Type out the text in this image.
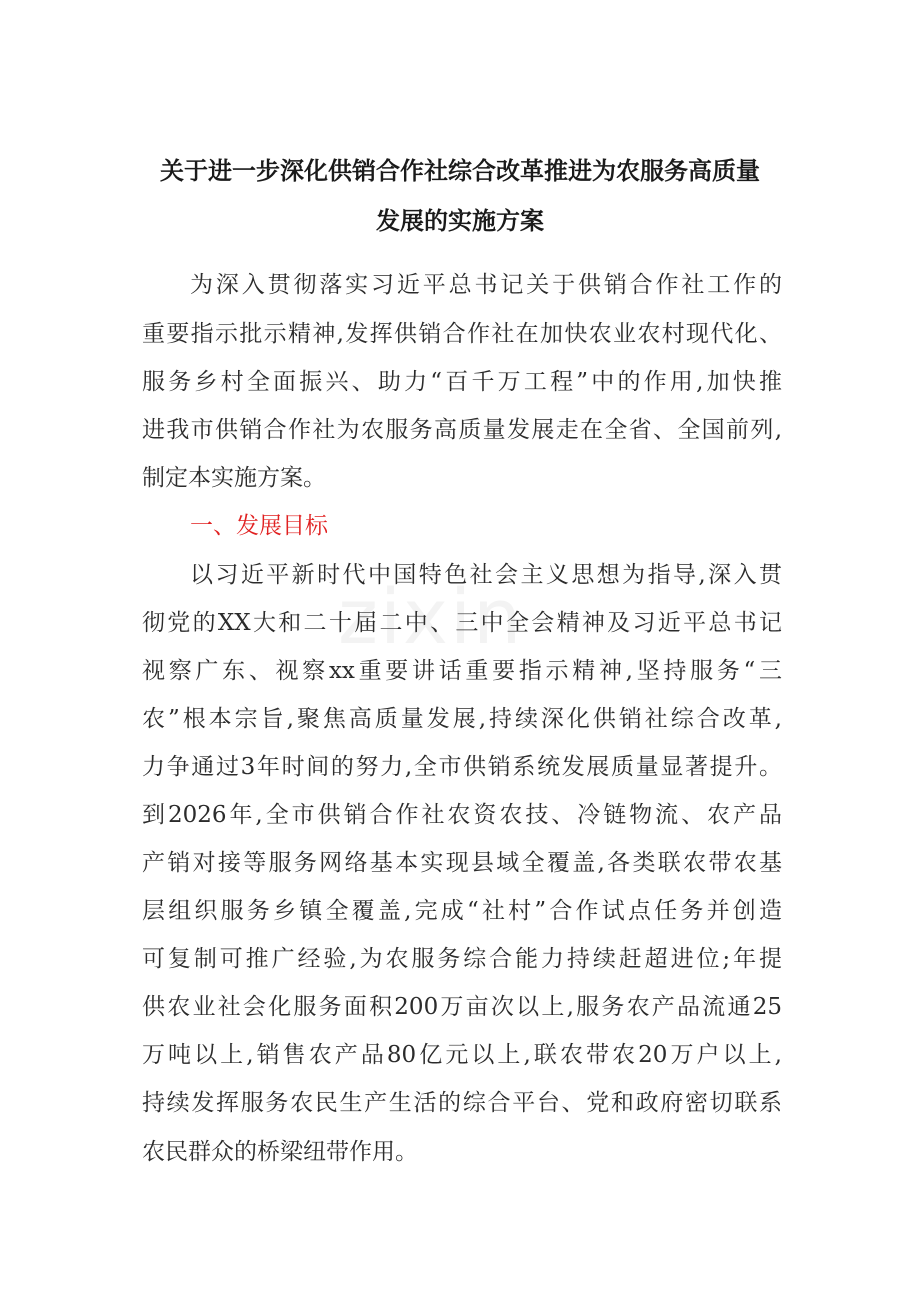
zixin
关于进一步深化供销合作社综合改革推进为农服务高质量
发展的实施方案
为深入贯彻落实习近平总书记关于供销合作社工作的
重要指示批示精神,发挥供销合作社在加快农业农村现代化、
服务乡村全面振兴、助力“百千万工程”中的作用,加快推
进我市供销合作社为农服务高质量发展走在全省、全国前列,
制定本实施方案。
一、发展目标
以习近平新时代中国特色社会主义思想为指导,深入贯
彻党的XX大和二十届二中、三中全会精神及习近平总书记
视察广东、视察xx重要讲话重要指示精神,坚持服务“三
农”根本宗旨,聚焦高质量发展,持续深化供销社综合改革,
力争通过3年时间的努力,全市供销系统发展质量显著提升。
到2026年,全市供销合作社农资农技、冷链物流、农产品
产销对接等服务网络基本实现县域全覆盖,各类联农带农基
层组织服务乡镇全覆盖,完成“社村”合作试点任务并创造
可复制可推广经验,为农服务综合能力持续赶超进位;年提
供农业社会化服务面积200万亩次以上,服务农产品流通25
万吨以上,销售农产品80亿元以上,联农带农20万户以上,
持续发挥服务农民生产生活的综合平台、党和政府密切联系
农民群众的桥梁纽带作用。
